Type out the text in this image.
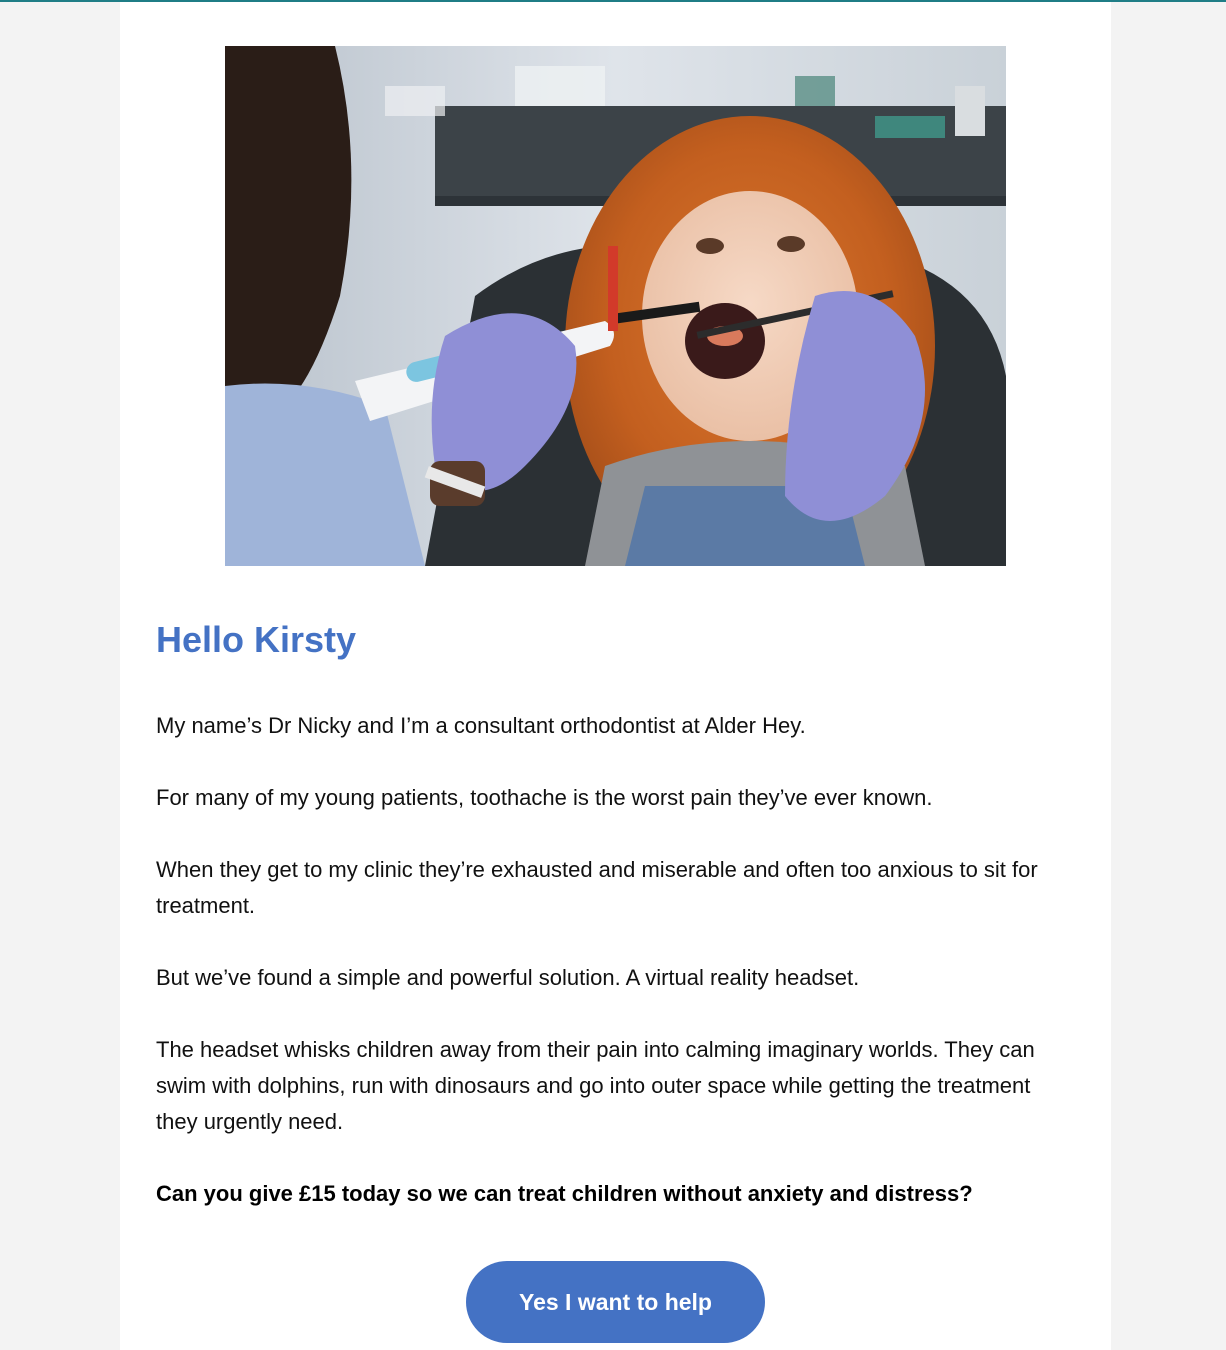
Hello Kirsty

My name’s Dr Nicky and I’m a consultant orthodontist at Alder Hey.

For many of my young patients, toothache is the worst pain they’ve ever known.

When they get to my clinic they’re exhausted and miserable and often too anxious to sit for treatment.

But we’ve found a simple and powerful solution. A virtual reality headset.

The headset whisks children away from their pain into calming imaginary worlds. They can swim with dolphins, run with dinosaurs and go into outer space while getting the treatment they urgently need.

Can you give £15 today so we can treat children without anxiety and distress?

Yes I want to help
